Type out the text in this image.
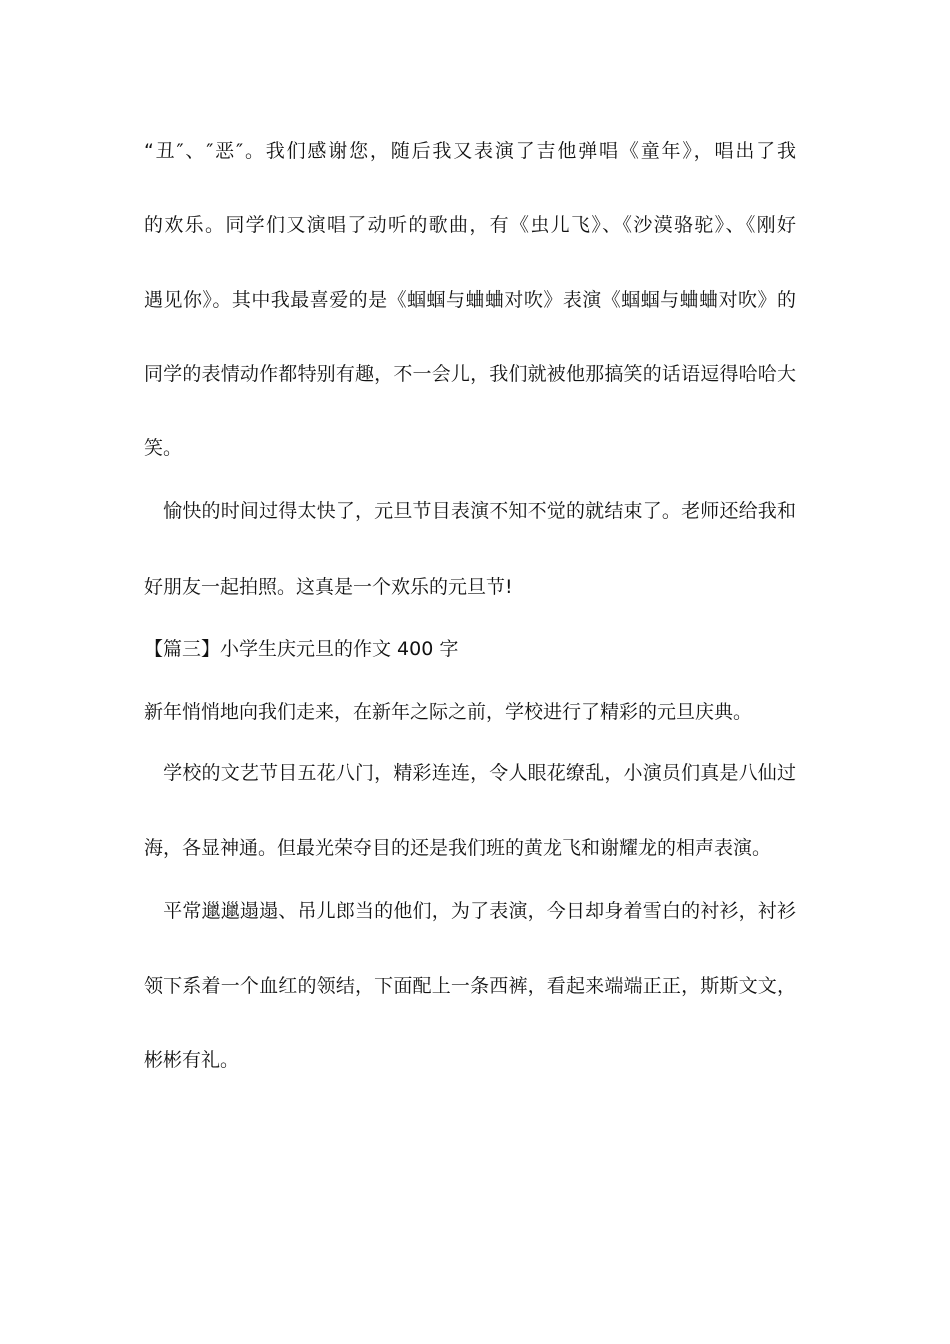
“丑″、″恶″。我们感谢您，随后我又表演了吉他弹唱《童年》，唱出了我
的欢乐。同学们又演唱了动听的歌曲，有《虫儿飞》、《沙漠骆驼》、《刚好
遇见你》。其中我最喜爱的是《蝈蝈与蛐蛐对吹》表演《蝈蝈与蛐蛐对吹》的
同学的表情动作都特别有趣，不一会儿，我们就被他那搞笑的话语逗得哈哈大
笑。
　愉快的时间过得太快了，元旦节目表演不知不觉的就结束了。老师还给我和
好朋友一起拍照。这真是一个欢乐的元旦节!
【篇三】小学生庆元旦的作文 400 字
新年悄悄地向我们走来，在新年之际之前，学校进行了精彩的元旦庆典。
　学校的文艺节目五花八门，精彩连连，令人眼花缭乱，小演员们真是八仙过
海，各显神通。但最光荣夺目的还是我们班的黄龙飞和谢耀龙的相声表演。
　平常邋邋遢遢、吊儿郎当的他们，为了表演，今日却身着雪白的衬衫，衬衫
领下系着一个血红的领结，下面配上一条西裤，看起来端端正正，斯斯文文，
彬彬有礼。
